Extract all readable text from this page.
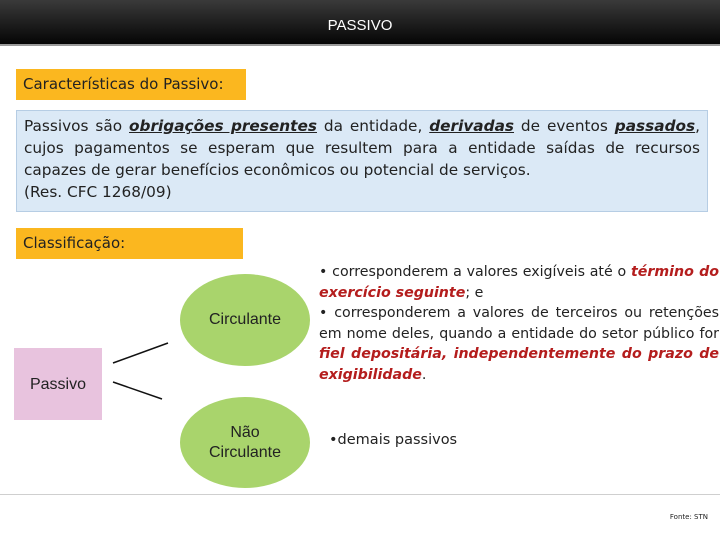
PASSIVO
Características do Passivo:
Passivos são obrigações presentes da entidade, derivadas de eventos passados, cujos pagamentos se esperam que resultem para a entidade saídas de recursos capazes de gerar benefícios econômicos ou potencial de serviços.
(Res. CFC 1268/09)
Classificação:
Passivo
Circulante
Não
Circulante
• corresponderem a valores exigíveis até o término do exercício seguinte; e
• corresponderem a valores de terceiros ou retenções em nome deles, quando a entidade do setor público for fiel depositária, independentemente do prazo de exigibilidade.
•demais passivos
Fonte: STN
